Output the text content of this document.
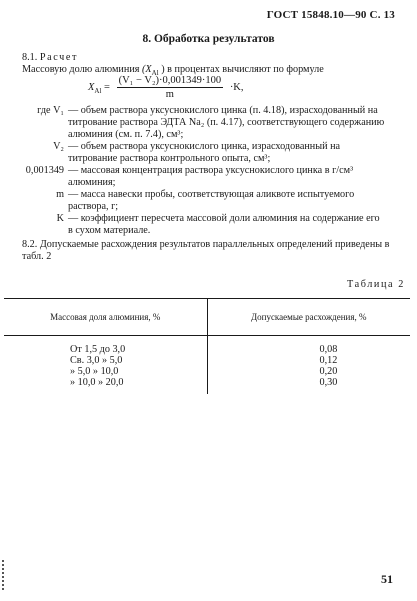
ГОСТ 15848.10—90 С. 13
8. Обработка результатов
8.1. Расчет
Массовую долю алюминия ($X_{Al}$ ) в процентах вычисляют по формуле
$X_{Al} = \frac{\text{(V₁ − V₂)·0,001349·100}}{m} \cdot K$,
где V₁ — объем раствора уксуснокислого цинка (п. 4.18), израсходованный на титрование раствора ЭДТА Na₂ (п. 4.17), соответствующего содержанию алюминия (см. п. 7.4), см³;
V₂ — объем раствора уксуснокислого цинка, израсходованный на титрование раствора контрольного опыта, см³;
0,001349 — массовая концентрация раствора уксуснокислого цинка в г/см³ алюминия;
m — масса навески пробы, соответствующая аликвоте испытуемого раствора, г;
K — коэффициент пересчета массовой доли алюминия на содержание его в сухом материале.
8.2. Допускаемые расхождения результатов параллельных определений приведены в табл. 2
Таблица 2
Массовая доля алюминия, %	Допускаемые расхождения, %
От 1,5 до 3,0	0,08
Св. 3,0 » 5,0	0,12
» 5,0 » 10,0	0,20
» 10,0 » 20,0	0,30
51
